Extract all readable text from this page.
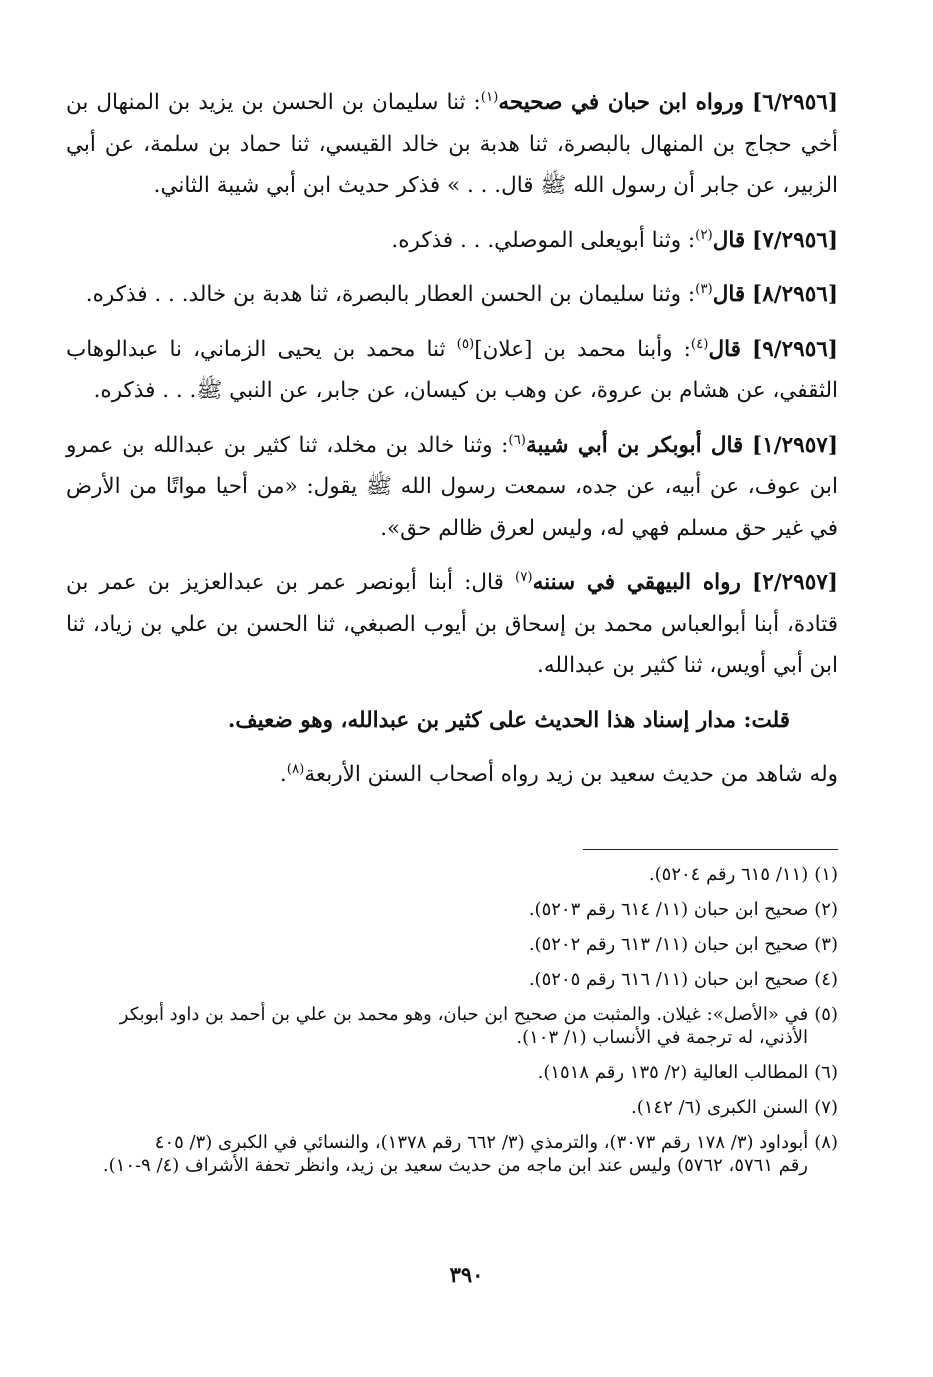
[٦/٢٩٥٦] ورواه ابن حبان في صحيحه$^{(١)}$: ثنا سليمان بن الحسن بن يزيد بن المنهال بن أخي حجاج بن المنهال بالبصرة، ثنا هدبة بن خالد القيسي، ثنا حماد بن سلمة، عن أبي الزبير، عن جابر أن رسول الله ﷺ قال. . . » فذكر حديث ابن أبي شيبة الثاني.

[٧/٢٩٥٦] قال$^{(٢)}$: وثنا أبويعلى الموصلي. . . فذكره.

[٨/٢٩٥٦] قال$^{(٣)}$: وثنا سليمان بن الحسن العطار بالبصرة، ثنا هدبة بن خالد. . . فذكره.

[٩/٢٩٥٦] قال$^{(٤)}$: وأبنا محمد بن [علان]$^{(٥)}$ ثنا محمد بن يحيى الزماني، نا عبدالوهاب الثقفي، عن هشام بن عروة، عن وهب بن كيسان، عن جابر، عن النبي ﷺ. . . فذكره.

[١/٢٩٥٧] قال أبوبكر بن أبي شيبة$^{(٦)}$: وثنا خالد بن مخلد، ثنا كثير بن عبدالله بن عمرو ابن عوف، عن أبيه، عن جده، سمعت رسول الله ﷺ يقول: «من أحيا مواتًا من الأرض في غير حق مسلم فهي له، وليس لعرق ظالم حق».

[٢/٢٩٥٧] رواه البيهقي في سننه$^{(٧)}$ قال: أبنا أبونصر عمر بن عبدالعزيز بن عمر بن قتادة، أبنا أبوالعباس محمد بن إسحاق بن أيوب الصبغي، ثنا الحسن بن علي بن زياد، ثنا ابن أبي أويس، ثنا كثير بن عبدالله.

قلت: مدار إسناد هذا الحديث على كثير بن عبدالله، وهو ضعيف.

وله شاهد من حديث سعيد بن زيد رواه أصحاب السنن الأربعة$^{(٨)}$.

(١)(١١/ ٦١٥ رقم ٥٢٠٤).

(٢)صحيح ابن حبان (١١/ ٦١٤ رقم ٥٢٠٣).

(٣)صحيح ابن حبان (١١/ ٦١٣ رقم ٥٢٠٢).

(٤)صحيح ابن حبان (١١/ ٦١٦ رقم ٥٢٠٥).

(٥)في «الأصل»: غيلان. والمثبت من صحيح ابن حبان، وهو محمد بن علي بن أحمد بن داود أبوبكر
الأذني، له ترجمة في الأنساب (١/ ١٠٣).

(٦)المطالب العالية (٢/ ١٣٥ رقم ١٥١٨).

(٧)السنن الكبرى (٦/ ١٤٢).

(٨)أبوداود (٣/ ١٧٨ رقم ٣٠٧٣)، والترمذي (٣/ ٦٦٢ رقم ١٣٧٨)، والنسائي في الكبرى (٣/ ٤٠٥
رقم ٥٧٦١، ٥٧٦٢) وليس عند ابن ماجه من حديث سعيد بن زيد، وانظر تحفة الأشراف (٤/ ٩-١٠).

٣٩٠
